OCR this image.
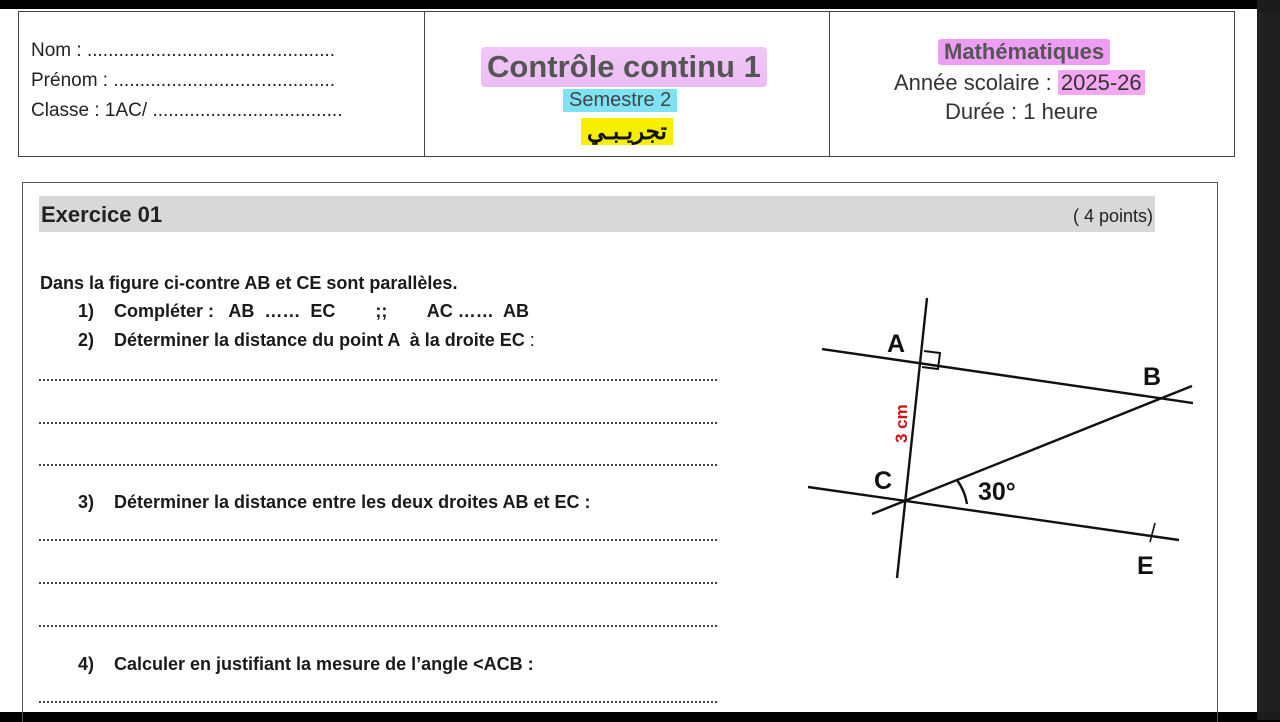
Nom : ...............................................
Prénom : ..........................................
Classe : 1AC/ ....................................
Contrôle continu 1
Semestre 2
تجريـبـي
Mathématiques
Année scolaire : 2025-26
Durée : 1 heure
Exercice 01	( 4 points)
Dans la figure ci-contre AB et CE sont parallèles.
1)    Compléter :   AB  ……  EC        ;;        AC ……  AB
2)    Déterminer la distance du point A  à la droite EC :
3)    Déterminer la distance entre les deux droites AB et EC :
4)    Calculer en justifiant la mesure de l’angle <ACB :
A
B
C
E
30°
3 cm
